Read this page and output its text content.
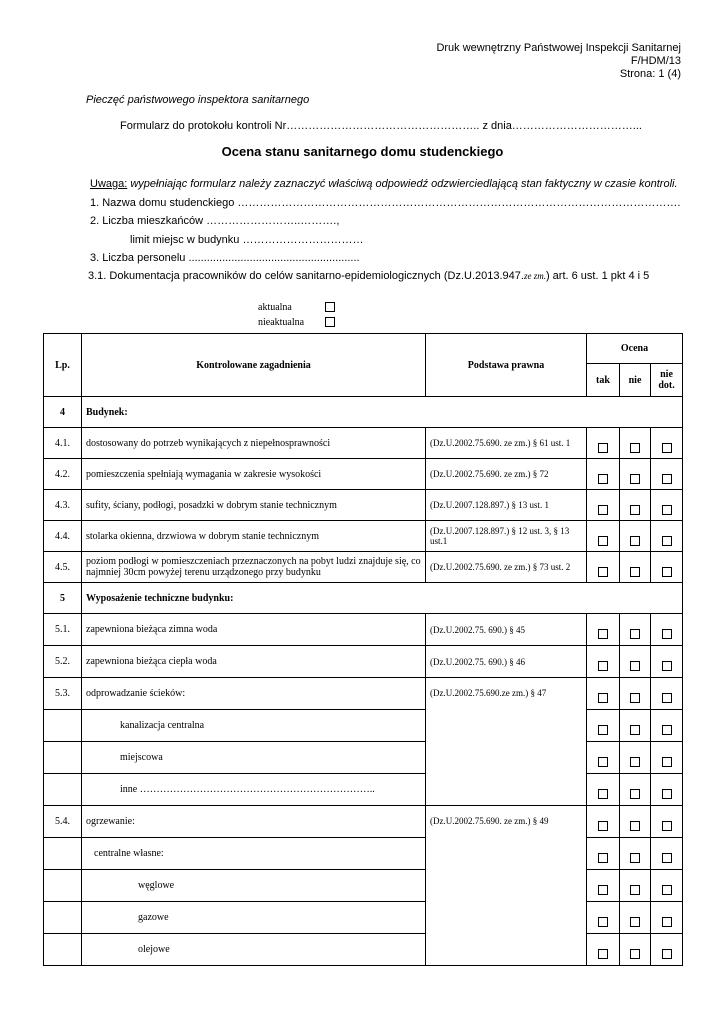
Druk wewnętrzny Państwowej Inspekcji Sanitarnej
F/HDM/13
Strona: 1 (4)
Pieczęć państwowego inspektora sanitarnego
Formularz do protokołu kontroli Nr…………………………………………….. z dnia……………………………...
Ocena stanu sanitarnego domu studenckiego
Uwaga: wypełniając formularz należy zaznaczyć właściwą odpowiedź odzwierciedlającą stan faktyczny w czasie kontroli.
1. Nazwa domu studenckiego ………………………………………………………………………………………………………….
2. Liczba mieszkańców ……………………..……….,
limit miejsc w budynku ……………………………
3. Liczba personelu ........................................................
3.1. Dokumentacja pracowników do celów sanitarno-epidemiologicznych (Dz.U.2013.947.ze zm.) art. 6 ust. 1 pkt 4 i 5
aktualna
nieaktualna
Lp.	Kontrolowane zagadnienia	Podstawa prawna	Ocena		
			tak	nie	nie dot.
4	Budynek:				
4.1.	dostosowany do potrzeb wynikających z niepełnosprawności	(Dz.U.2002.75.690. ze zm.) § 61 ust. 1			
4.2.	pomieszczenia spełniają wymagania w zakresie wysokości	(Dz.U.2002.75.690. ze zm.) § 72			
4.3.	sufity, ściany, podłogi, posadzki w dobrym stanie technicznym	(Dz.U.2007.128.897.) § 13 ust. 1			
4.4.	stolarka okienna, drzwiowa w dobrym stanie technicznym	(Dz.U.2007.128.897.) § 12 ust. 3, § 13 ust.1			
4.5.	poziom podłogi w pomieszczeniach przeznaczonych na pobyt ludzi znajduje się, co najmniej 30cm powyżej terenu urządzonego przy budynku	(Dz.U.2002.75.690. ze zm.) § 73 ust. 2			
5	Wyposażenie techniczne budynku:				
5.1.	zapewniona bieżąca zimna woda	(Dz.U.2002.75. 690.) § 45			
5.2.	zapewniona bieżąca ciepła woda	(Dz.U.2002.75. 690.) § 46			
5.3.	odprowadzanie ścieków:	(Dz.U.2002.75.690.ze zm.) § 47			
	kanalizacja centralna				
	miejscowa				
	inne ……………………………………………………………..				
5.4.	ogrzewanie:	(Dz.U.2002.75.690. ze zm.) § 49			
	centralne własne:				
	węglowe				
	gazowe				
	olejowe				
